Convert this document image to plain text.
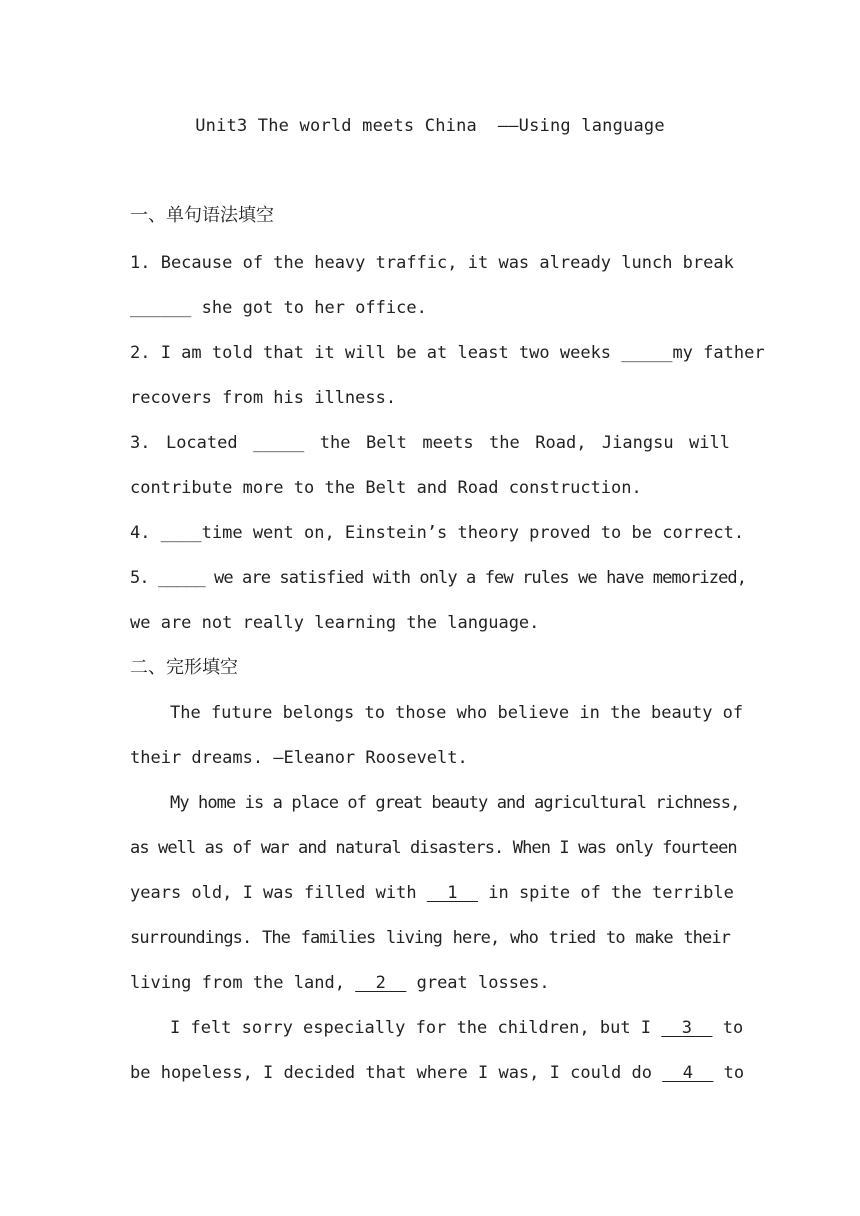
Unit3 The world meets China  ——Using language
一、单句语法填空
1. Because of the heavy traffic, it was already lunch break
______ she got to her office.
2. I am told that it will be at least two weeks _____my father
recovers from his illness.
3. Located _____ the Belt meets the Road, Jiangsu will
contribute more to the Belt and Road construction.
4. ____time went on, Einstein’s theory proved to be correct.
5. _____ we are satisfied with only a few rules we have memorized,
we are not really learning the language.
二、完形填空
The future belongs to those who believe in the beauty of
their dreams. —Eleanor Roosevelt.
My home is a place of great beauty and agricultural richness,
as well as of war and natural disasters. When I was only fourteen
years old, I was filled with   1   in spite of the terrible
surroundings. The families living here, who tried to make their
living from the land,   2   great losses.
I felt sorry especially for the children, but I   3   to
be hopeless, I decided that where I was, I could do   4   to
